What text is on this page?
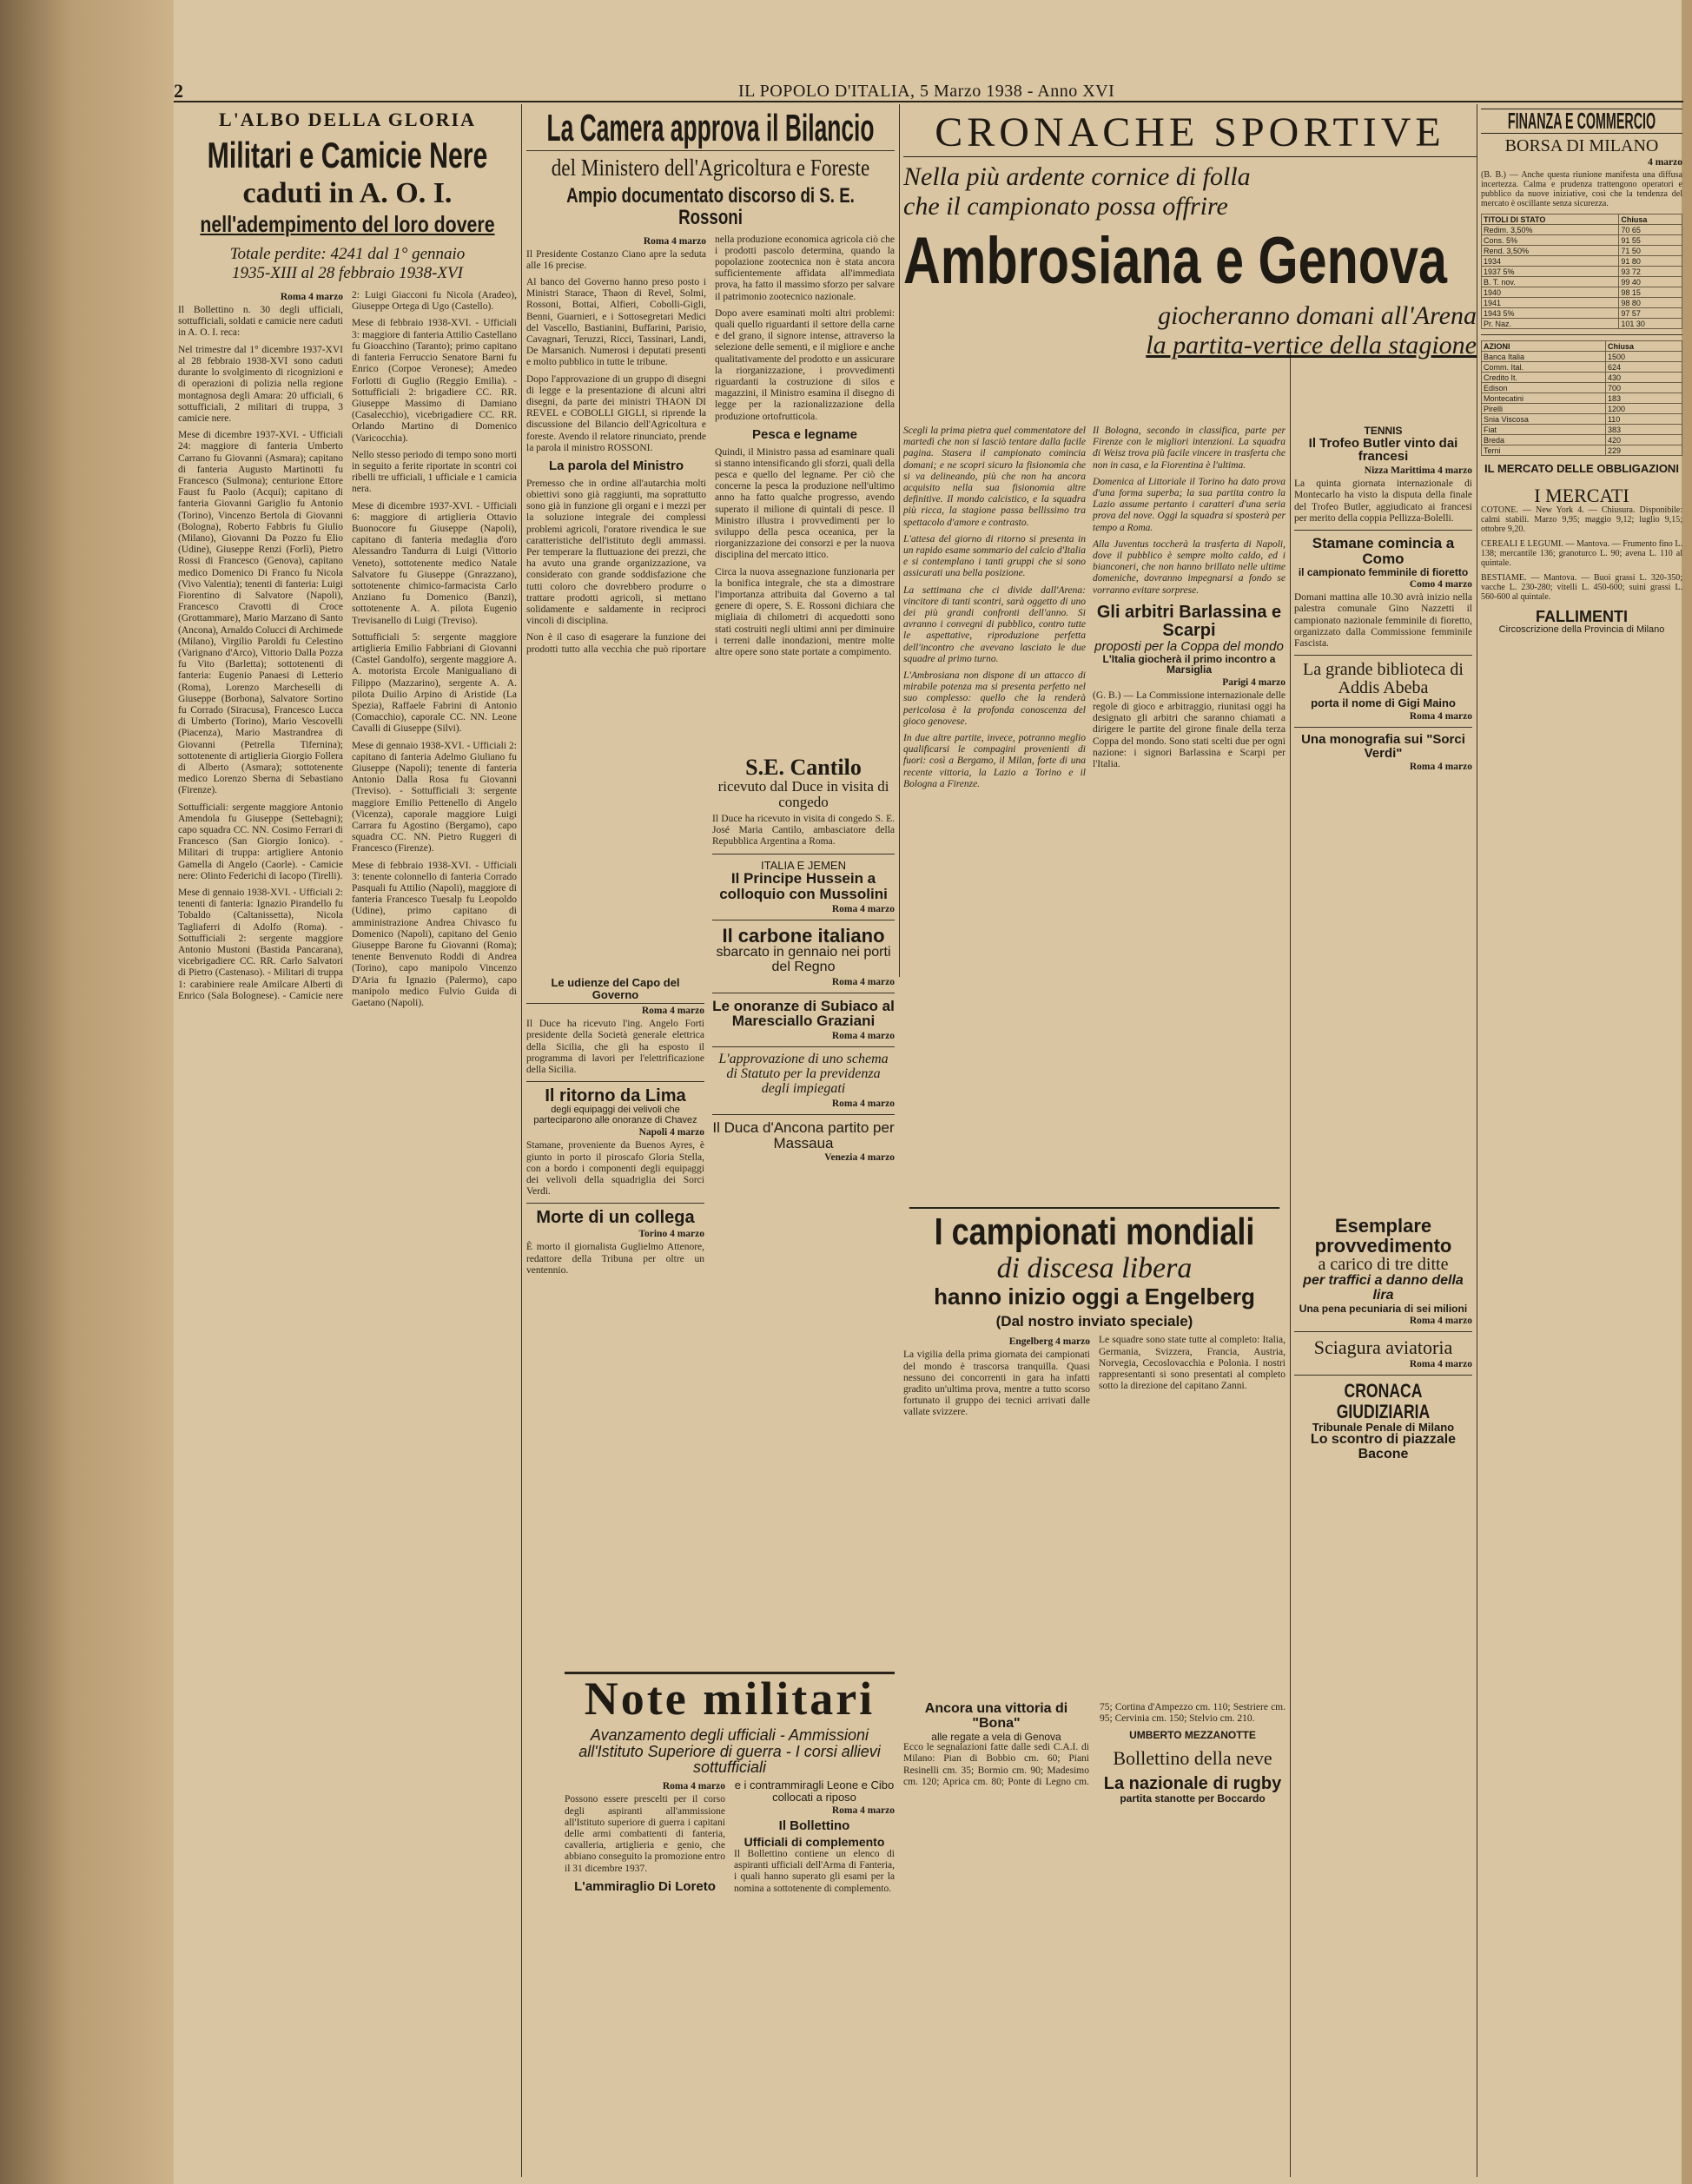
2	IL POPOLO D'ITALIA, 5 Marzo 1938 - Anno XVI
L'ALBO DELLA GLORIA
Militari e Camicie Nere
caduti in A. O. I.
nell'adempimento del loro dovere
Totale perdite: 4241 dal 1° gennaio
1935-XIII al 28 febbraio 1938-XVI
Roma 4 marzo

Il Bollettino n. 30 degli ufficiali, sottufficiali, soldati e camicie nere caduti in A. O. I. reca:

Nel trimestre dal 1° dicembre 1937-XVI al 28 febbraio 1938-XVI sono caduti durante lo svolgimento di ricognizioni e di operazioni di polizia nella regione montagnosa degli Amara: 20 ufficiali, 6 sottufficiali, 2 militari di truppa, 3 camicie nere.

Mese di dicembre 1937-XVI. - Ufficiali 24: maggiore di fanteria Umberto Carrano fu Giovanni (Asmara); capitano di fanteria Augusto Martinotti fu Francesco (Sulmona); centurione Ettore Faust fu Paolo (Acqui); capitano di fanteria Giovanni Gariglio fu Antonio (Torino), Vincenzo Bertola di Giovanni (Bologna), Roberto Fabbris fu Giulio (Milano), Giovanni Da Pozzo fu Elio (Udine), Giuseppe Renzi (Forlì), Pietro Rossi di Francesco (Genova), capitano medico Domenico Di Franco fu Nicola (Vivo Valentia); tenenti di fanteria: Luigi Fiorentino di Salvatore (Napoli), Francesco Cravotti di Croce (Grottammare), Mario Marzano di Santo (Ancona), Arnaldo Colucci di Archimede (Milano), Virgilio Paroldi fu Celestino (Varignano d'Arco), Vittorio Dalla Pozza fu Vito (Barletta); sottotenenti di fanteria: Eugenio Panaesi di Letterio (Roma), Lorenzo Marcheselli di Giuseppe (Borbona), Salvatore Sortino fu Corrado (Siracusa), Francesco Lucca di Umberto (Torino), Mario Vescovelli (Piacenza), Mario Mastrandrea di Giovanni (Petrella Tifernina); sottotenente di artiglieria Giorgio Follera di Alberto (Asmara); sottotenente medico Lorenzo Sberna di Sebastiano (Firenze).

Sottufficiali: sergente maggiore Antonio Amendola fu Giuseppe (Settebagni); capo squadra CC. NN. Cosimo Ferrari di Francesco (San Giorgio Ionico). - Militari di truppa: artigliere Antonio Gamella di Angelo (Caorle). - Camicie nere: Olinto Federichi di Iacopo (Tirelli).

Mese di gennaio 1938-XVI. - Ufficiali 2: tenenti di fanteria: Ignazio Pirandello fu Tobaldo (Caltanissetta), Nicola Tagliaferri di Adolfo (Roma). - Sottufficiali 2: sergente maggiore Antonio Mustoni (Bastida Pancarana), vicebrigadiere CC. RR. Carlo Salvatori di Pietro (Castenaso). - Militari di truppa 1: carabiniere reale Amilcare Alberti di Enrico (Sala Bolognese). - Camicie nere 2: Luigi Giacconi fu Nicola (Aradeo), Giuseppe Ortega di Ugo (Castello).

Mese di febbraio 1938-XVI. - Ufficiali 3: maggiore di fanteria Attilio Castellano fu Gioacchino (Taranto); primo capitano di fanteria Ferruccio Senatore Barni fu Enrico (Corpoe Veronese); Amedeo Forlotti di Guglio (Reggio Emilia). - Sottufficiali 2: brigadiere CC. RR. Giuseppe Massimo di Damiano (Casalecchio), vicebrigadiere CC. RR. Orlando Martino di Domenico (Varicocchia).

Nello stesso periodo di tempo sono morti in seguito a ferite riportate in scontri coi ribelli tre ufficiali, 1 ufficiale e 1 camicia nera.

Mese di dicembre 1937-XVI. - Ufficiali 6: maggiore di artiglieria Ottavio Buonocore fu Giuseppe (Napoli), capitano di fanteria medaglia d'oro Alessandro Tandurra di Luigi (Vittorio Veneto), sottotenente medico Natale Salvatore fu Giuseppe (Gnrazzano), sottotenente chimico-farmacista Carlo Anziano fu Domenico (Banzi), sottotenente A. A. pilota Eugenio Trevisanello di Luigi (Treviso).

Sottufficiali 5: sergente maggiore artiglieria Emilio Fabbriani di Giovanni (Castel Gandolfo), sergente maggiore A. A. motorista Ercole Manigualiano di Filippo (Mazzarino), sergente A. A. pilota Duilio Arpino di Aristide (La Spezia), Raffaele Fabrini di Antonio (Comacchio), caporale CC. NN. Leone Cavalli di Giuseppe (Silvi).

Mese di gennaio 1938-XVI. - Ufficiali 2: capitano di fanteria Adelmo Giuliano fu Giuseppe (Napoli); tenente di fanteria Antonio Dalla Rosa fu Giovanni (Treviso). - Sottufficiali 3: sergente maggiore Emilio Pettenello di Angelo (Vicenza), caporale maggiore Luigi Carrara fu Agostino (Bergamo), capo squadra CC. NN. Pietro Ruggeri di Francesco (Firenze).

Mese di febbraio 1938-XVI. - Ufficiali 3: tenente colonnello di fanteria Corrado Pasquali fu Attilio (Napoli), maggiore di fanteria Francesco Tuesalp fu Leopoldo (Udine), primo capitano di amministrazione Andrea Chivasco fu Domenico (Napoli), capitano del Genio Giuseppe Barone fu Giovanni (Roma); tenente Benvenuto Roddi di Andrea (Torino), capo manipolo Vincenzo D'Aria fu Ignazio (Palermo), capo manipolo medico Fulvio Guida di Gaetano (Napoli).

La Camera approva il Bilancio
del Ministero dell'Agricoltura e Foreste
Ampio documentato discorso di S. E. Rossoni
Roma 4 marzo

Il Presidente Costanzo Ciano apre la seduta alle 16 precise.

Al banco del Governo hanno preso posto i Ministri Starace, Thaon di Revel, Solmi, Rossoni, Bottai, Alfieri, Cobolli-Gigli, Benni, Guarnieri, e i Sottosegretari Medici del Vascello, Bastianini, Buffarini, Parisio, Cavagnari, Teruzzi, Ricci, Tassinari, Landi, De Marsanich. Numerosi i deputati presenti e molto pubblico in tutte le tribune.

Dopo l'approvazione di un gruppo di disegni di legge e la presentazione di alcuni altri disegni, da parte dei ministri THAON DI REVEL e COBOLLI GIGLI, si riprende la discussione del Bilancio dell'Agricoltura e foreste. Avendo il relatore rinunciato, prende la parola il ministro ROSSONI.

La parola del Ministro

Premesso che in ordine all'autarchia molti obiettivi sono già raggiunti, ma soprattutto sono già in funzione gli organi e i mezzi per la soluzione integrale dei complessi problemi agricoli, l'oratore rivendica le sue caratteristiche dell'istituto degli ammassi. Per temperare la fluttuazione dei prezzi, che ha avuto una grande organizzazione, va considerato con grande soddisfazione che tutti coloro che dovrebbero produrre o trattare prodotti agricoli, si mettano solidamente e saldamente in reciproci vincoli di disciplina.

Non è il caso di esagerare la funzione dei prodotti tutto alla vecchia che può riportare nella produzione economica agricola ciò che i prodotti pascolo determina, quando la popolazione zootecnica non è stata ancora sufficientemente affidata all'immediata prova, ha fatto il massimo sforzo per salvare il patrimonio zootecnico nazionale.

Dopo avere esaminati molti altri problemi: quali quello riguardanti il settore della carne e del grano, il signore intense, attraverso la selezione delle sementi, e il migliore e anche qualitativamente del prodotto e un assicurare la riorganizzazione, i provvedimenti riguardanti la costruzione di silos e magazzini, il Ministro esamina il disegno di legge per la razionalizzazione della produzione ortofrutticola.

Pesca e legname

Quindi, il Ministro passa ad esaminare quali si stanno intensificando gli sforzi, quali della pesca e quello del legname. Per ciò che concerne la pesca la produzione nell'ultimo anno ha fatto qualche progresso, avendo superato il milione di quintali di pesce. Il Ministro illustra i provvedimenti per lo sviluppo della pesca oceanica, per la riorganizzazione dei consorzi e per la nuova disciplina del mercato ittico.

Circa la nuova assegnazione funzionaria per la bonifica integrale, che sta a dimostrare l'importanza attribuita dal Governo a tal genere di opere, S. E. Rossoni dichiara che migliaia di chilometri di acquedotti sono stati costruiti negli ultimi anni per diminuire i terreni dalle inondazioni, mentre molte altre opere sono state portate a compimento.

Le udienze del Capo del Governo
Roma 4 marzo

Il Duce ha ricevuto l'ing. Angelo Forti presidente della Società generale elettrica della Sicilia, che gli ha esposto il programma di lavori per l'elettrificazione della Sicilia.

Il ritorno da Lima
degli equipaggi dei velivoli che parteciparono alle onoranze di Chavez
Napoli 4 marzo

Stamane, proveniente da Buenos Ayres, è giunto in porto il piroscafo Gloria Stella, con a bordo i componenti degli equipaggi dei velivoli della squadriglia dei Sorci Verdi.

Morte di un collega
Torino 4 marzo

È morto il giornalista Guglielmo Attenore, redattore della Tribuna per oltre un ventennio.

S.E. Cantilo
ricevuto dal Duce in visita di congedo

Il Duce ha ricevuto in visita di congedo S. E. José Maria Cantilo, ambasciatore della Repubblica Argentina a Roma.

ITALIA E JEMEN
Il Principe Hussein a colloquio con Mussolini
Roma 4 marzo
Il carbone italiano
sbarcato in gennaio nei porti del Regno
Roma 4 marzo
Le onoranze di Subiaco al Maresciallo Graziani
Roma 4 marzo
L'approvazione di uno schema di Statuto per la previdenza degli impiegati
Roma 4 marzo
Il Duca d'Ancona partito per Massaua
Venezia 4 marzo
Note militari
Avanzamento degli ufficiali - Ammissioni all'Istituto Superiore di guerra - I corsi allievi sottufficiali
Roma 4 marzo

Possono essere prescelti per il corso degli aspiranti all'ammissione all'Istituto superiore di guerra i capitani delle armi combattenti di fanteria, cavalleria, artiglieria e genio, che abbiano conseguito la promozione entro il 31 dicembre 1937.

L'ammiraglio Di Loreto
e i contrammiragli Leone e Cibo collocati a riposo
Roma 4 marzo
Il Bollettino
Ufficiali di complemento

Il Bollettino contiene un elenco di aspiranti ufficiali dell'Arma di Fanteria, i quali hanno superato gli esami per la nomina a sottotenente di complemento.

CRONACHE SPORTIVE
Nella più ardente cornice di folla
che il campionato possa offrire
Ambrosiana e Genova
giocheranno domani all'Arena
la partita-vertice della stagione

Scegli la prima pietra quel commentatore del martedì che non si lasciò tentare dalla facile pagina. Stasera il campionato comincia domani; e ne scopri sicuro la fisionomia che si va delineando, più che non ha ancora acquisito nella sua fisionomia altre definitive. Il mondo calcistico, e la squadra più ricca, la stagione passa bellissimo tra spettacolo d'amore e contrasto.

L'attesa del giorno di ritorno si presenta in un rapido esame sommario del calcio d'Italia e si contemplano i tanti gruppi che si sono assicurati una bella posizione.

La settimana che ci divide dall'Arena: vincitore di tanti scontri, sarà oggetto di uno dei più grandi confronti dell'anno. Si avranno i convegni di pubblico, contro tutte le aspettative, riproduzione perfetta dell'incontro che avevano lasciato le due squadre al primo turno.

L'Ambrosiana non dispone di un attacco di mirabile potenza ma si presenta perfetto nel suo complesso: quello che la renderà pericolosa è la profonda conoscenza del gioco genovese.

In due altre partite, invece, potranno meglio qualificarsi le compagini provenienti di fuori: così a Bergamo, il Milan, forte di una recente vittoria, la Lazio a Torino e il Bologna a Firenze.

Il Bologna, secondo in classifica, parte per Firenze con le migliori intenzioni. La squadra di Weisz trova più facile vincere in trasferta che non in casa, e la Fiorentina è l'ultima.

Domenica al Littoriale il Torino ha dato prova d'una forma superba; la sua partita contro la Lazio assume pertanto i caratteri d'una seria prova del nove. Oggi la squadra si sposterà per tempo a Roma.

Alla Juventus toccherà la trasferta di Napoli, dove il pubblico è sempre molto caldo, ed i bianconeri, che non hanno brillato nelle ultime domeniche, dovranno impegnarsi a fondo se vorranno evitare sorprese.

Gli arbitri Barlassina e Scarpi
proposti per la Coppa del mondo
L'Italia giocherà il primo incontro a Marsiglia
Parigi 4 marzo

(G. B.) — La Commissione internazionale delle regole di gioco e arbitraggio, riunitasi oggi ha designato gli arbitri che saranno chiamati a dirigere le partite del girone finale della terza Coppa del mondo. Sono stati scelti due per ogni nazione: i signori Barlassina e Scarpi per l'Italia.

TENNIS
Il Trofeo Butler vinto dai francesi
Nizza Marittima 4 marzo

La quinta giornata internazionale di Montecarlo ha visto la disputa della finale del Trofeo Butler, aggiudicato ai francesi per merito della coppia Pellizza-Bolelli.

Stamane comincia a Como
il campionato femminile di fioretto
Como 4 marzo

Domani mattina alle 10.30 avrà inizio nella palestra comunale Gino Nazzetti il campionato nazionale femminile di fioretto, organizzato dalla Commissione femminile Fascista.

La grande biblioteca di Addis Abeba
porta il nome di Gigi Maino
Roma 4 marzo
Una monografia sui "Sorci Verdi"
Roma 4 marzo
I campionati mondiali
di discesa libera
hanno inizio oggi a Engelberg
(Dal nostro inviato speciale)
Engelberg 4 marzo

La vigilia della prima giornata dei campionati del mondo è trascorsa tranquilla. Quasi nessuno dei concorrenti in gara ha infatti gradito un'ultima prova, mentre a tutto scorso fortunato il gruppo dei tecnici arrivati dalle vallate svizzere.

Le squadre sono state tutte al completo: Italia, Germania, Svizzera, Francia, Austria, Norvegia, Cecoslovacchia e Polonia. I nostri rappresentanti si sono presentati al completo sotto la direzione del capitano Zanni.

Ancora una vittoria di "Bona"
alle regate a vela di Genova

Ecco le segnalazioni fatte dalle sedi C.A.I. di Milano: Pian di Bobbio cm. 60; Piani Resinelli cm. 35; Bormio cm. 90; Madesimo cm. 120; Aprica cm. 80; Ponte di Legno cm. 75; Cortina d'Ampezzo cm. 110; Sestriere cm. 95; Cervinia cm. 150; Stelvio cm. 210.

UMBERTO MEZZANOTTE
Bollettino della neve
La nazionale di rugby
partita stanotte per Boccardo
Esemplare provvedimento
a carico di tre ditte
per traffici a danno della lira
Una pena pecuniaria di sei milioni
Roma 4 marzo
Sciagura aviatoria
Roma 4 marzo
CRONACA GIUDIZIARIA
Tribunale Penale di Milano
Lo scontro di piazzale Bacone
FINANZA E COMMERCIO
BORSA DI MILANO
4 marzo

(B. B.) — Anche questa riunione manifesta una diffusa incertezza. Calma e prudenza trattengono operatori e pubblico da nuove iniziative, così che la tendenza del mercato è oscillante senza sicurezza.

TITOLI DI STATO	Chiusa
Redim. 3,50%	70 65
Cons. 5%	91 55
Rend. 3,50%	71 50
1934	91 80
1937 5%	93 72
B. T. nov.	99 40
1940	98 15
1941	98 80
1943 5%	97 57
Pr. Naz.	101 30
AZIONI	Chiusa
Banca Italia	1500
Comm. Ital.	624
Credito It.	430
Edison	700
Montecatini	183
Pirelli	1200
Snia Viscosa	110
Fiat	383
Breda	420
Terni	229
IL MERCATO DELLE OBBLIGAZIONI
I MERCATI

COTONE. — New York 4. — Chiusura. Disponibile: calmi stabili. Marzo 9,95; maggio 9,12; luglio 9,15; ottobre 9,20.

CEREALI E LEGUMI. — Mantova. — Frumento fino L. 138; mercantile 136; granoturco L. 90; avena L. 110 al quintale.

BESTIAME. — Mantova. — Buoi grassi L. 320-350; vacche L. 230-280; vitelli L. 450-600; suini grassi L. 560-600 al quintale.

FALLIMENTI
Circoscrizione della Provincia di Milano
